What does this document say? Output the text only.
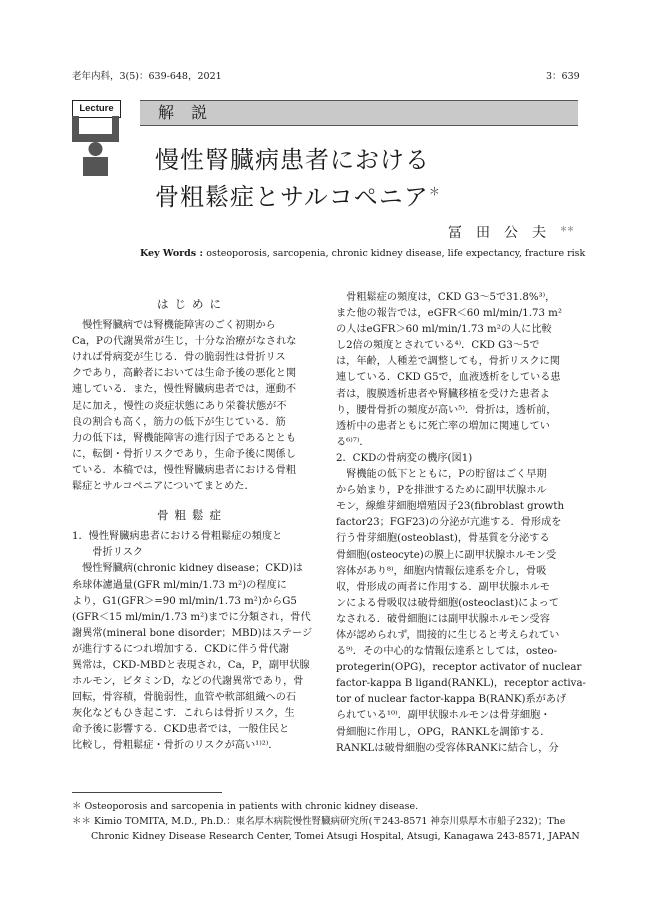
老年内科，3(5)：639-648，2021	3：639
Lecture	解 説
慢性腎臓病患者における
骨粗鬆症とサルコペニア＊
冨田公夫＊＊
Key Words : osteoporosis, sarcopenia, chronic kidney disease, life expectancy, fracture risk

はじめに

　慢性腎臓病では腎機能障害のごく初期から

Ca，Pの代謝異常が生じ，十分な治療がなされな

ければ骨病変が生じる．骨の脆弱性は骨折リス

クであり，高齢者においては生命予後の悪化と関

連している．また，慢性腎臓病患者では，運動不

足に加え，慢性の炎症状態にあり栄養状態が不

良の割合も高く，筋力の低下が生じている．筋

力の低下は，腎機能障害の進行因子であるととも

に，転倒・骨折リスクであり，生命予後に関係し

ている．本稿では，慢性腎臓病患者における骨粗

鬆症とサルコペニアについてまとめた．

骨粗鬆症

1．慢性腎臓病患者における骨粗鬆症の頻度と

　　骨折リスク

　慢性腎臓病(chronic kidney disease；CKD)は

糸球体濾過量(GFR ml/min/1.73 m²)の程度に

より，G1(GFR＞=90 ml/min/1.73 m²)からG5

(GFR＜15 ml/min/1.73 m²)までに分類され，骨代

謝異常(mineral bone disorder；MBD)はステージ

が進行するにつれ増加する．CKDに伴う骨代謝

異常は，CKD-MBDと表現され，Ca，P，副甲状腺

ホルモン，ビタミンD，などの代謝異常であり，骨

回転，骨容積，骨脆弱性，血管や軟部組織への石

灰化などもひき起こす．これらは骨折リスク，生

命予後に影響する．CKD患者では，一般住民と

比較し，骨粗鬆症・骨折のリスクが高い¹⁾²⁾．

　骨粗鬆症の頻度は，CKD G3～5で31.8%³⁾，

また他の報告では，eGFR＜60 ml/min/1.73 m²

の人はeGFR＞60 ml/min/1.73 m²の人に比較

し2倍の頻度とされている⁴⁾．CKD G3～5で

は，年齢，人種差で調整しても，骨折リスクに関

連している．CKD G5で，血液透析をしている患

者は，腹膜透析患者や腎臓移植を受けた患者よ

り，腰骨骨折の頻度が高い⁵⁾．骨折は，透析前，

透析中の患者ともに死亡率の増加に関連してい

る⁶⁾⁷⁾．

2．CKDの骨病変の機序(図1)

　腎機能の低下とともに，Pの貯留はごく早期

から始まり，Pを排泄するために副甲状腺ホル

モン，線維芽細胞増殖因子23(fibroblast growth

factor23；FGF23)の分泌が亢進する．骨形成を

行う骨芽細胞(osteoblast)，骨基質を分泌する

骨細胞(osteocyte)の膜上に副甲状腺ホルモン受

容体があり⁸⁾，細胞内情報伝達系を介し，骨吸

収，骨形成の両者に作用する．副甲状腺ホルモ

ンによる骨吸収は破骨細胞(osteoclast)によって

なされる．破骨細胞には副甲状腺ホルモン受容

体が認められず，間接的に生じると考えられてい

る⁹⁾．その中心的な情報伝達系としては，osteo-

protegerin(OPG)，receptor activator of nuclear

factor-kappa B ligand(RANKL)，receptor activa-

tor of nuclear factor-kappa B(RANK)系があげ

られている¹⁰⁾．副甲状腺ホルモンは骨芽細胞・

骨細胞に作用し，OPG，RANKLを調節する．

RANKLは破骨細胞の受容体RANKに結合し，分

＊ Osteoporosis and sarcopenia in patients with chronic kidney disease.
＊＊ Kimio TOMITA, M.D., Ph.D.：東名厚木病院慢性腎臓病研究所(〒243-8571 神奈川県厚木市船子232)；The
　　Chronic Kidney Disease Research Center, Tomei Atsugi Hospital, Atsugi, Kanagawa 243-8571, JAPAN
